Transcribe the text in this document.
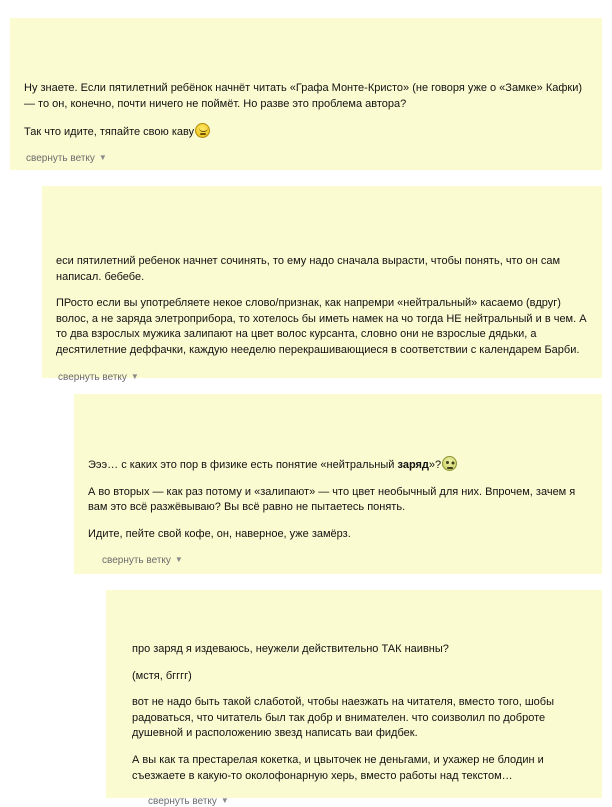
Ну знаете. Если пятилетний ребёнок начнёт читать «Графа Монте-Кристо» (не говоря уже о «Замке» Кафки) — то он, конечно, почти ничего не поймёт. Но разве это проблема автора?

Так что идите, тяпайте свою каву

свернуть ветку ▼

еси пятилетний ребенок начнет сочинять, то ему надо сначала вырасти, чтобы понять, что он сам написал. бебебе.

ПРосто если вы употребляете некое слово/признак, как напремри «нейтральный» касаемо (вдруг) волос, а не заряда элетроприбора, то хотелось бы иметь намек на чо тогда НЕ нейтральный и в чем. А то два взрослых мужика залипают на цвет волос курсанта, словно они не взрослые дядьки, а десятилетние деффачки, каждую нееделю перекрашивающиеся в соответствии с календарем Барби.

свернуть ветку ▼

Эээ… с каких это пор в физике есть понятие «нейтральный заряд»?

А во вторых — как раз потому и «залипают» — что цвет необычный для них. Впрочем, зачем я вам это всё разжёвываю? Вы всё равно не пытаетесь понять.

Идите, пейте свой кофе, он, наверное, уже замёрз.

свернуть ветку ▼

про заряд я издеваюсь, неужели действительно ТАК наивны?

(мстя, бгггг)

вот не надо быть такой слаботой, чтобы наезжать на читателя, вместо того, шобы радоваться, что читатель был так добр и внимателен. что соизволил по доброте душевной и расположению звезд написать ваи фидбек.

А вы как та престарелая кокетка, и цвыточек не деньгами, и ухажер не блодин и съезжаете в какую-то околофонарную херь, вместо работы над текстом…

свернуть ветку ▼
